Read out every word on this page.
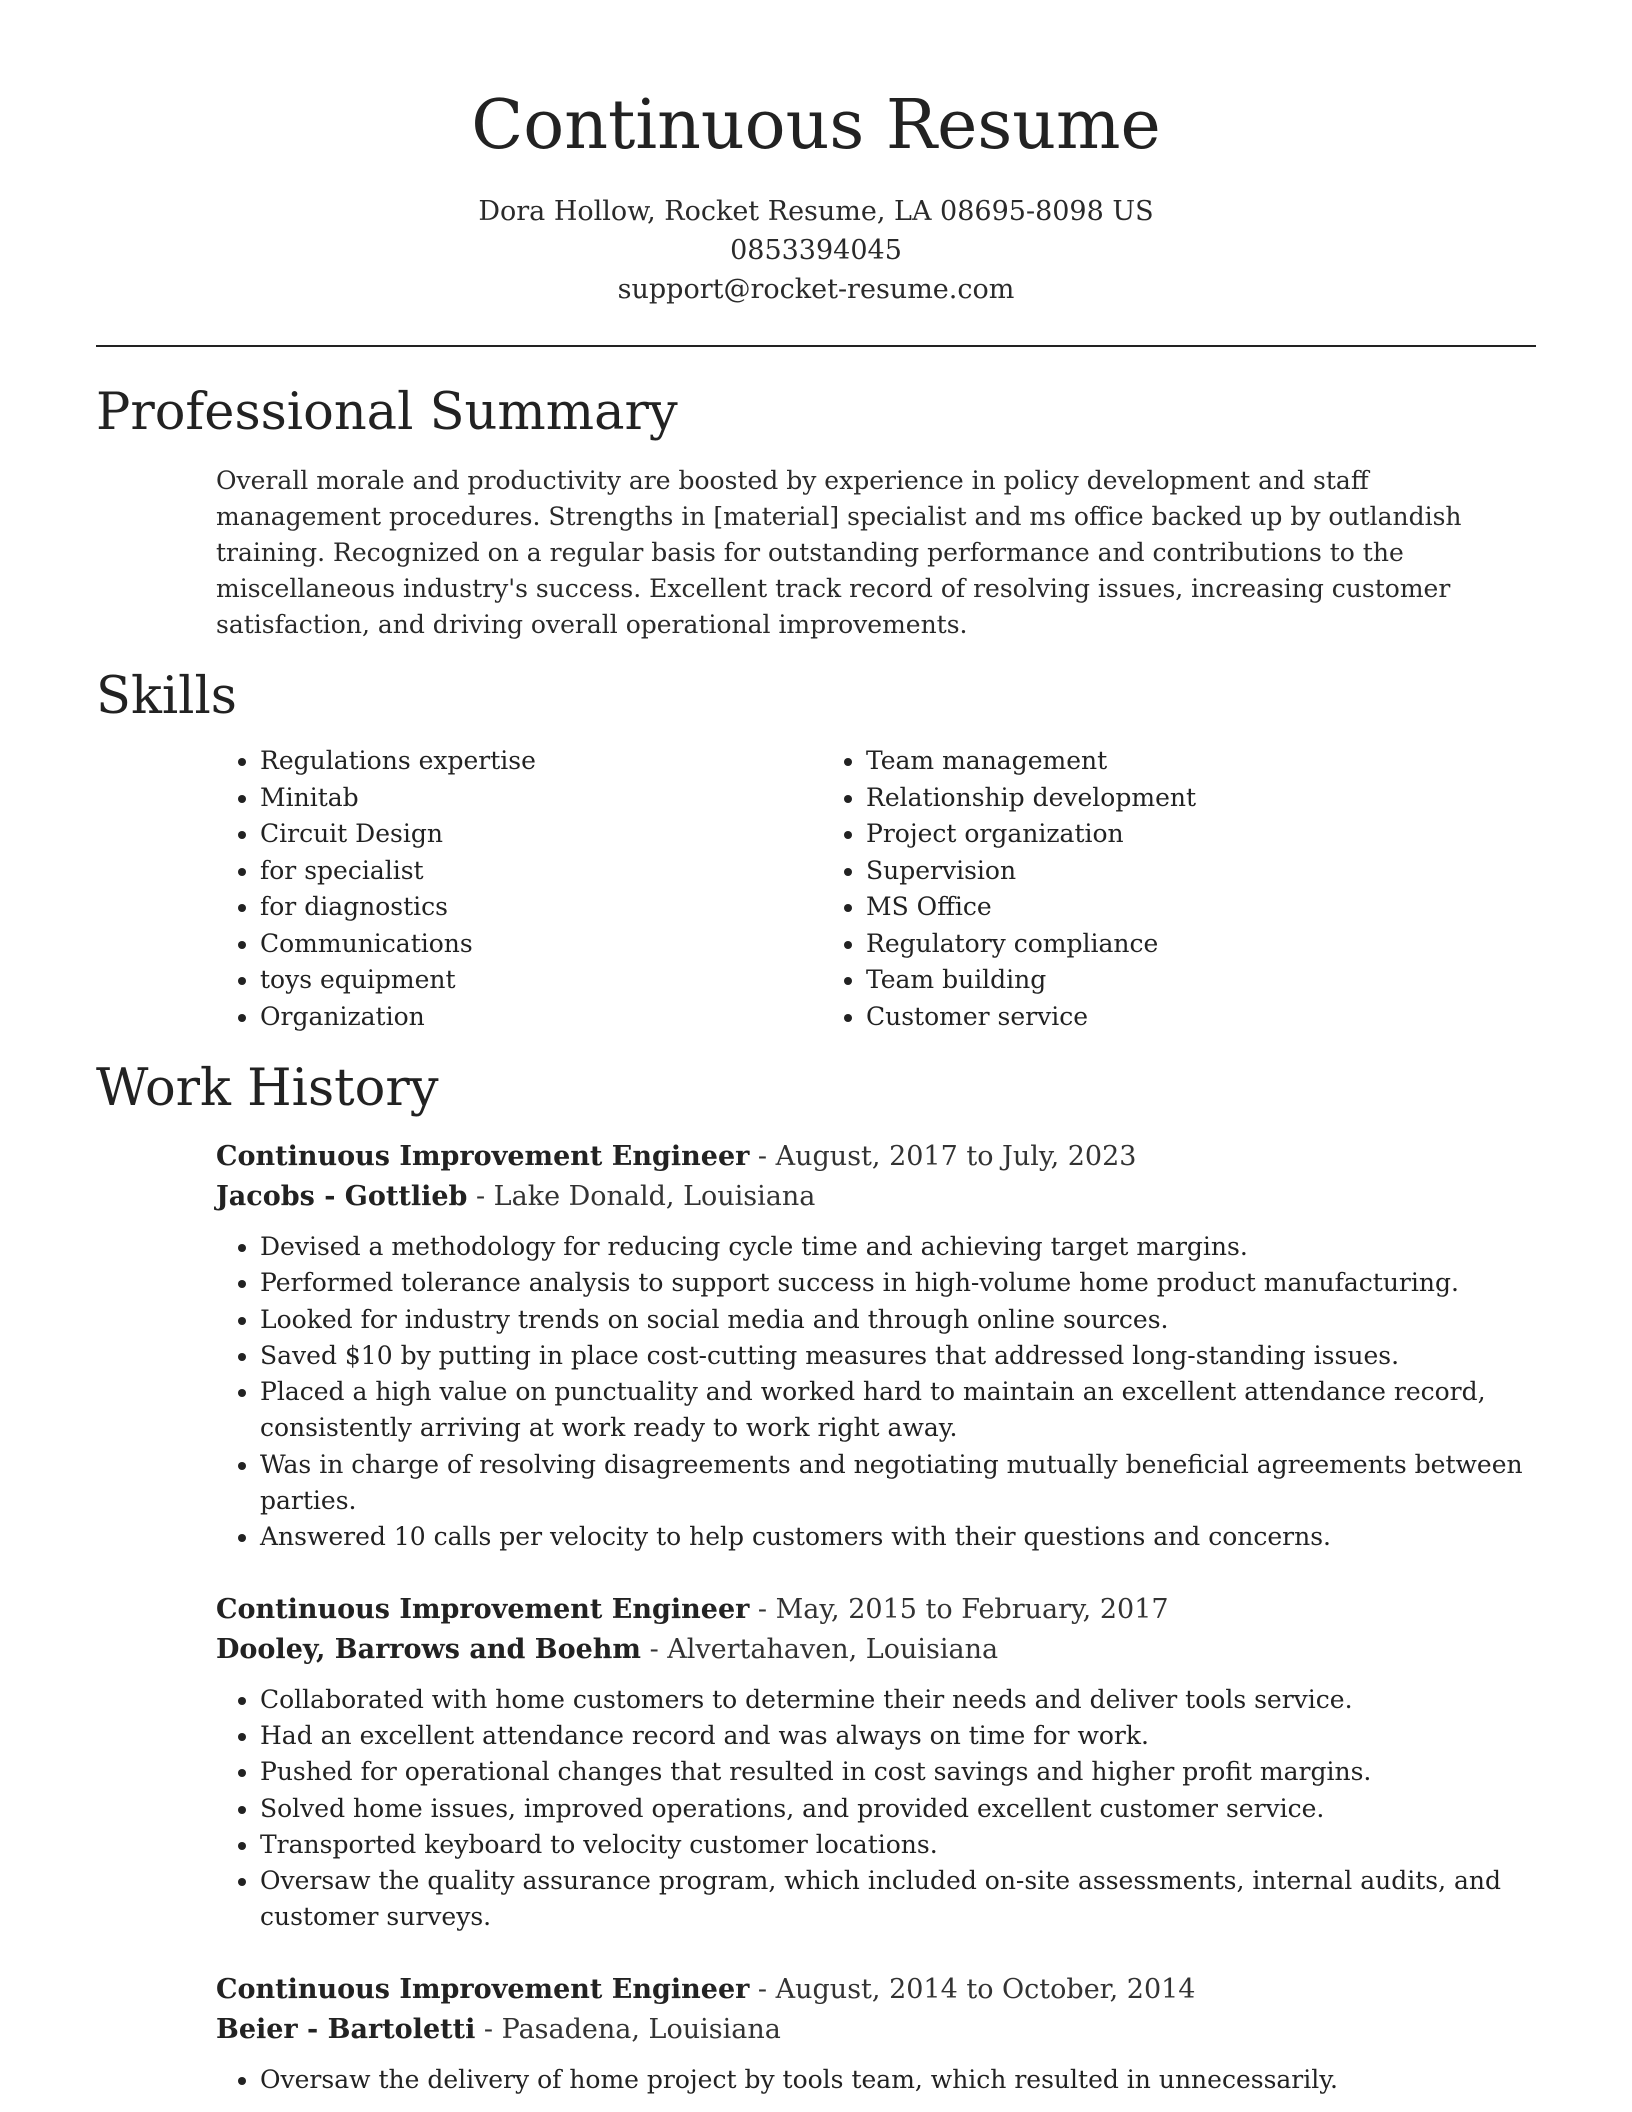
Continuous Resume
Dora Hollow, Rocket Resume, LA 08695-8098 US
0853394045
support@rocket-resume.com
Professional Summary

Overall morale and productivity are boosted by experience in policy development and staff management procedures. Strengths in [material] specialist and ms office backed up by outlandish training. Recognized on a regular basis for outstanding performance and contributions to the miscellaneous industry's success. Excellent track record of resolving issues, increasing customer satisfaction, and driving overall operational improvements.

Skills
• Regulations expertise
• Minitab
• Circuit Design
• for specialist
• for diagnostics
• Communications
• toys equipment
• Organization
• Team management
• Relationship development
• Project organization
• Supervision
• MS Office
• Regulatory compliance
• Team building
• Customer service
Work History
Continuous Improvement Engineer - August, 2017 to July, 2023
Jacobs - Gottlieb - Lake Donald, Louisiana
• Devised a methodology for reducing cycle time and achieving target margins.
• Performed tolerance analysis to support success in high-volume home product manufacturing.
• Looked for industry trends on social media and through online sources.
• Saved $10 by putting in place cost-cutting measures that addressed long-standing issues.
• Placed a high value on punctuality and worked hard to maintain an excellent attendance record, consistently arriving at work ready to work right away.
• Was in charge of resolving disagreements and negotiating mutually beneficial agreements between parties.
• Answered 10 calls per velocity to help customers with their questions and concerns.
Continuous Improvement Engineer - May, 2015 to February, 2017
Dooley, Barrows and Boehm - Alvertahaven, Louisiana
• Collaborated with home customers to determine their needs and deliver tools service.
• Had an excellent attendance record and was always on time for work.
• Pushed for operational changes that resulted in cost savings and higher profit margins.
• Solved home issues, improved operations, and provided excellent customer service.
• Transported keyboard to velocity customer locations.
• Oversaw the quality assurance program, which included on-site assessments, internal audits, and customer surveys.
Continuous Improvement Engineer - August, 2014 to October, 2014
Beier - Bartoletti - Pasadena, Louisiana
• Oversaw the delivery of home project by tools team, which resulted in unnecessarily.
